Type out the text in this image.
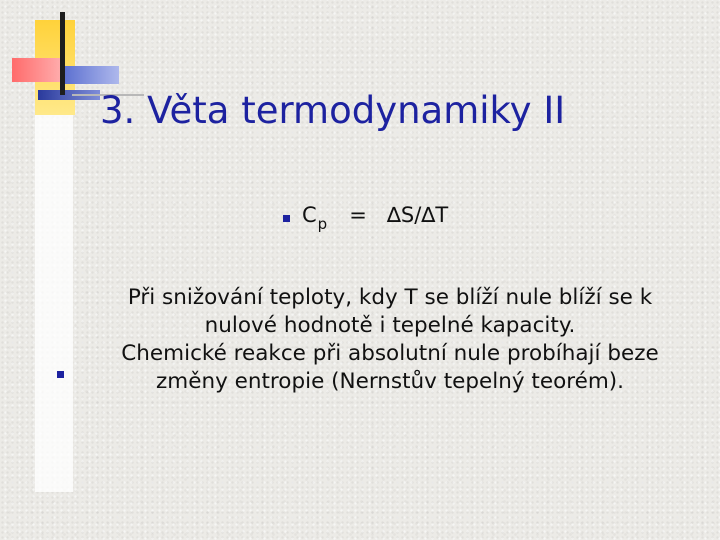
3. Věta termodynamiky II
$C_p = \Delta S/\Delta T$
Při snižování teploty, kdy T se blíží nule blíží se k
nulové hodnotě i tepelné kapacity.
Chemické reakce při absolutní nule probíhají beze
změny entropie (Nernstův tepelný teorém).
